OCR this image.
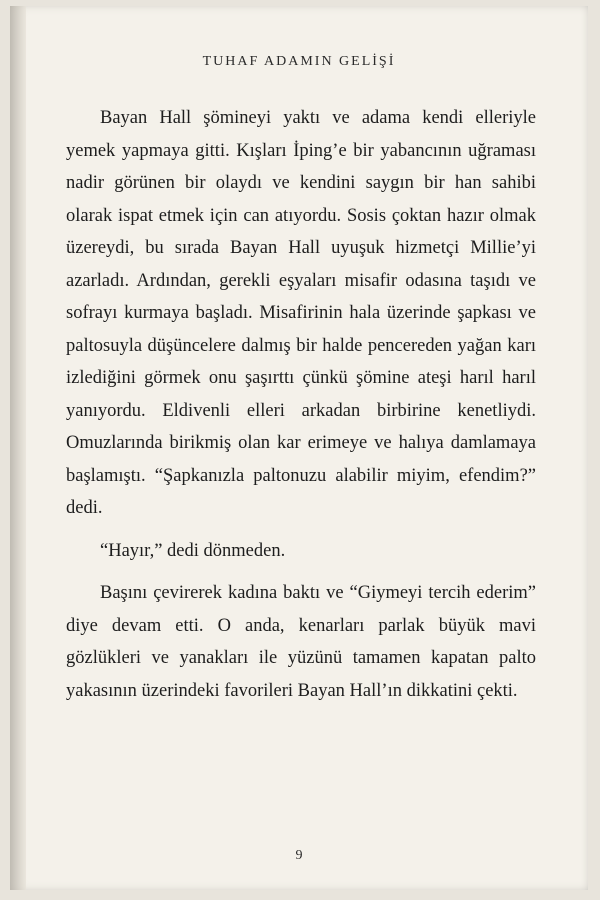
TUHAF ADAMIN GELİŞİ

Bayan Hall şömineyi yaktı ve adama kendi elleriyle yemek yapmaya gitti. Kışları İping’e bir yabancının uğraması nadir görünen bir olaydı ve kendini saygın bir han sahibi olarak ispat etmek için can atıyordu. Sosis çoktan hazır olmak üzereydi, bu sırada Bayan Hall uyuşuk hizmetçi Millie’yi azarladı. Ardından, gerekli eşyaları misafir odasına taşıdı ve sofrayı kurmaya başladı. Misafirinin hala üzerinde şapkası ve paltosuyla düşüncelere dalmış bir halde pencereden yağan karı izlediğini görmek onu şaşırttı çünkü şömine ateşi harıl harıl yanıyordu. Eldivenli elleri arkadan birbirine kenetliydi. Omuzlarında birikmiş olan kar erimeye ve halıya damlamaya başlamıştı. “Şapkanızla paltonuzu alabilir miyim, efendim?” dedi.

“Hayır,” dedi dönmeden.

Başını çevirerek kadına baktı ve “Giymeyi tercih ederim” diye devam etti. O anda, kenarları parlak büyük mavi gözlükleri ve yanakları ile yüzünü tamamen kapatan palto yakasının üzerindeki favorileri Bayan Hall’ın dikkatini çekti.

9
